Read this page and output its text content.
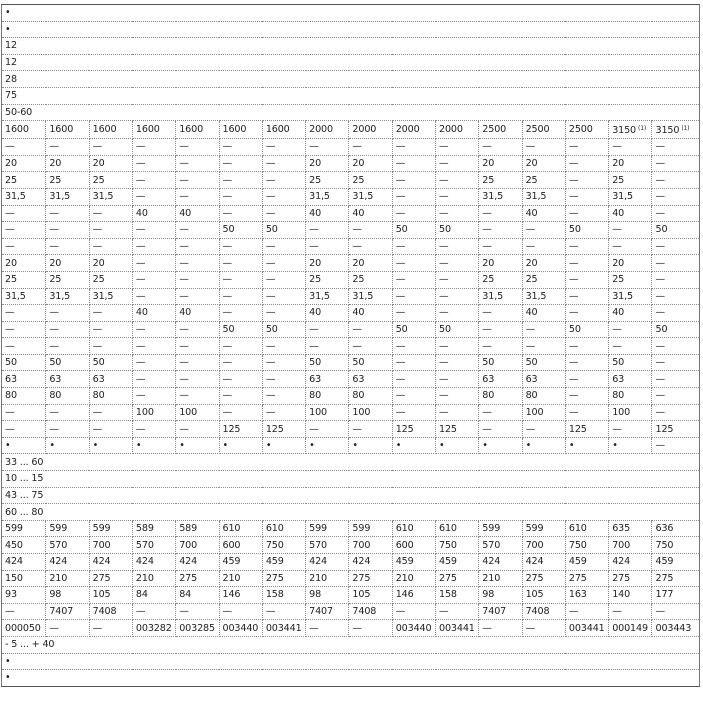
•															
•															
12															
12															
28															
75															
50-60															
1600	1600	1600	1600	1600	1600	1600	2000	2000	2000	2000	2500	2500	2500	3150 $^{(1)}$	3150 $^{(1)}$
—	—	—	—	—	—	—	—	—	—	—	—	—	—	—	—
20	20	20	—	—	—	—	20	20	—	—	20	20	—	20	—
25	25	25	—	—	—	—	25	25	—	—	25	25	—	25	—
31,5	31,5	31,5	—	—	—	—	31,5	31,5	—	—	31,5	31,5	—	31,5	—
—	—	—	40	40	—	—	40	40	—	—	—	40	—	40	—
—	—	—	—	—	50	50	—	—	50	50	—	—	50	—	50
—	—	—	—	—	—	—	—	—	—	—	—	—	—	—	—
20	20	20	—	—	—	—	20	20	—	—	20	20	—	20	—
25	25	25	—	—	—	—	25	25	—	—	25	25	—	25	—
31,5	31,5	31,5	—	—	—	—	31,5	31,5	—	—	31,5	31,5	—	31,5	—
—	—	—	40	40	—	—	40	40	—	—	—	40	—	40	—
—	—	—	—	—	50	50	—	—	50	50	—	—	50	—	50
—	—	—	—	—	—	—	—	—	—	—	—	—	—	—	—
50	50	50	—	—	—	—	50	50	—	—	50	50	—	50	—
63	63	63	—	—	—	—	63	63	—	—	63	63	—	63	—
80	80	80	—	—	—	—	80	80	—	—	80	80	—	80	—
—	—	—	100	100	—	—	100	100	—	—	—	100	—	100	—
—	—	—	—	—	125	125	—	—	125	125	—	—	125	—	125
•	•	•	•	•	•	•	•	•	•	•	•	•	•	•	—
33 ... 60															
10 ... 15															
43 ... 75															
60 ... 80															
599	599	599	589	589	610	610	599	599	610	610	599	599	610	635	636
450	570	700	570	700	600	750	570	700	600	750	570	700	750	700	750
424	424	424	424	424	459	459	424	424	459	459	424	424	459	424	459
150	210	275	210	275	210	275	210	275	210	275	210	275	275	275	275
93	98	105	84	84	146	158	98	105	146	158	98	105	163	140	177
—	7407	7408	—	—	—	—	7407	7408	—	—	7407	7408	—	—	—
000050	—	—	003282	003285	003440	003441	—	—	003440	003441	—	—	003441	000149	003443
- 5 ... + 40															
•															
•															
